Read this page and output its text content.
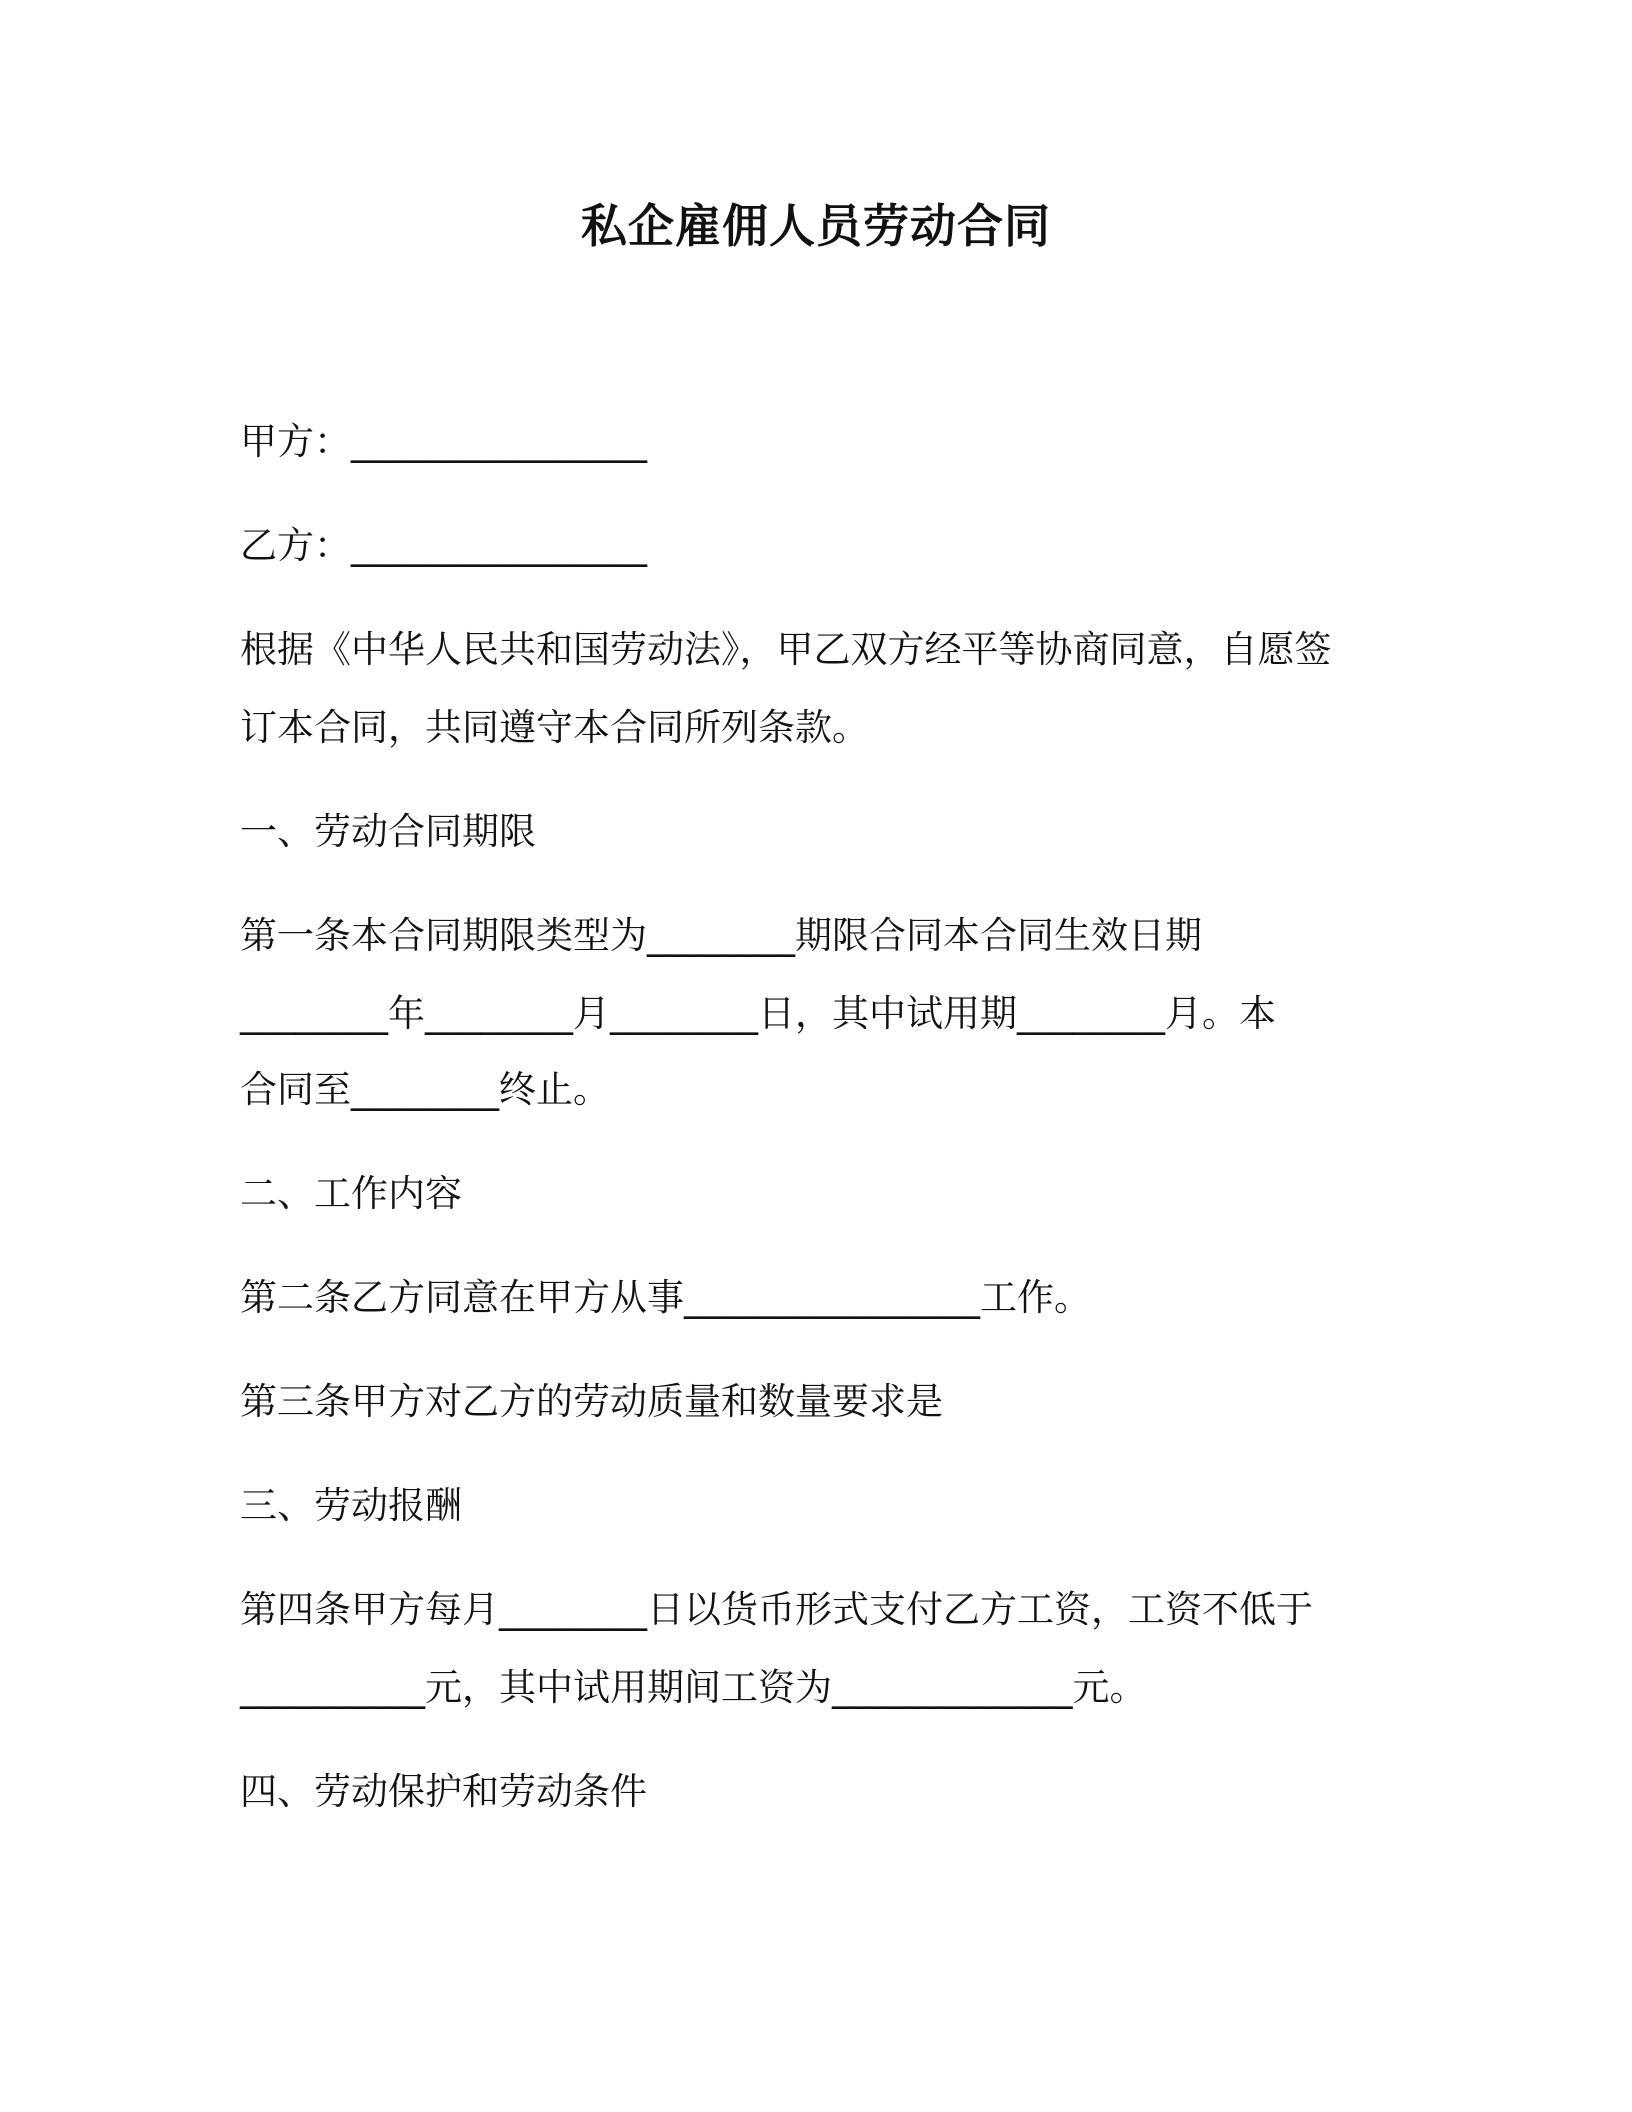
私企雇佣人员劳动合同
甲方：________________
乙方：________________
根据《中华人民共和国劳动法》，甲乙双方经平等协商同意，自愿签
订本合同，共同遵守本合同所列条款。
一、劳动合同期限
第一条本合同期限类型为________期限合同本合同生效日期
________年________月________日，其中试用期________月。本
合同至________终止。
二、工作内容
第二条乙方同意在甲方从事________________工作。
第三条甲方对乙方的劳动质量和数量要求是
三、劳动报酬
第四条甲方每月________日以货币形式支付乙方工资，工资不低于
__________元，其中试用期间工资为_____________元。
四、劳动保护和劳动条件
